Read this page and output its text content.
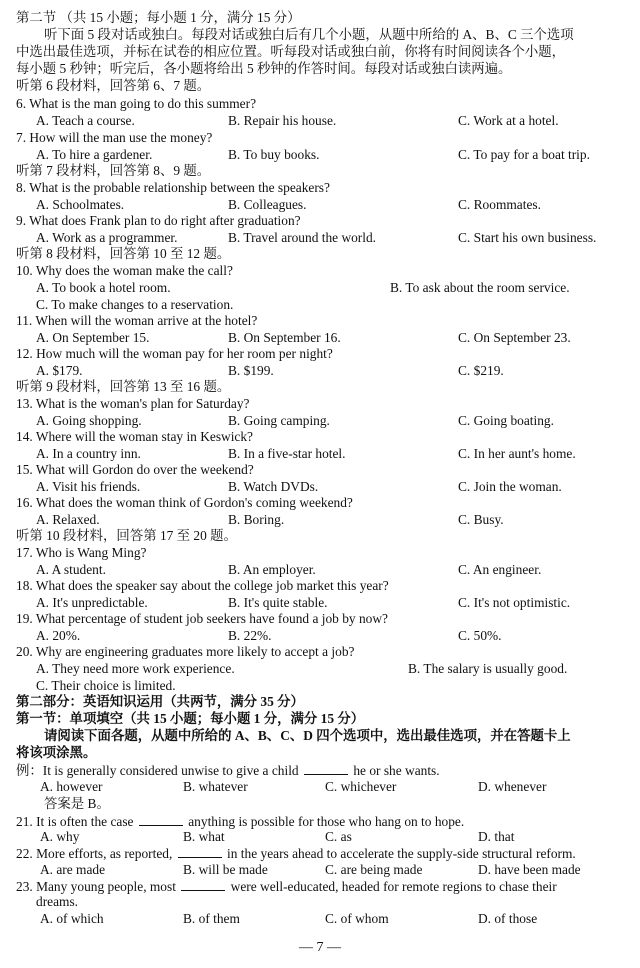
第二节 （共 15 小题；每小题 1 分，满分 15 分）
听下面 5 段对话或独白。每段对话或独白后有几个小题，从题中所给的 A、B、C 三个选项
中选出最佳选项，并标在试卷的相应位置。听每段对话或独白前，你将有时间阅读各个小题，
每小题 5 秒钟；听完后，各小题将给出 5 秒钟的作答时间。每段对话或独白读两遍。
听第 6 段材料，回答第 6、7 题。
6. What is the man going to do this summer?
A. Teach a course.	B. Repair his house.	C. Work at a hotel.
7. How will the man use the money?
A. To hire a gardener.	B. To buy books.	C. To pay for a boat trip.
听第 7 段材料，回答第 8、9 题。
8. What is the probable relationship between the speakers?
A. Schoolmates.	B. Colleagues.	C. Roommates.
9. What does Frank plan to do right after graduation?
A. Work as a programmer.	B. Travel around the world.	C. Start his own business.
听第 8 段材料，回答第 10 至 12 题。
10. Why does the woman make the call?
A. To book a hotel room.	B. To ask about the room service.
C. To make changes to a reservation.
11. When will the woman arrive at the hotel?
A. On September 15.	B. On September 16.	C. On September 23.
12. How much will the woman pay for her room per night?
A. $179.	B. $199.	C. $219.
听第 9 段材料，回答第 13 至 16 题。
13. What is the woman's plan for Saturday?
A. Going shopping.	B. Going camping.	C. Going boating.
14. Where will the woman stay in Keswick?
A. In a country inn.	B. In a five-star hotel.	C. In her aunt's home.
15. What will Gordon do over the weekend?
A. Visit his friends.	B. Watch DVDs.	C. Join the woman.
16. What does the woman think of Gordon's coming weekend?
A. Relaxed.	B. Boring.	C. Busy.
听第 10 段材料，回答第 17 至 20 题。
17. Who is Wang Ming?
A. A student.	B. An employer.	C. An engineer.
18. What does the speaker say about the college job market this year?
A. It's unpredictable.	B. It's quite stable.	C. It's not optimistic.
19. What percentage of student job seekers have found a job by now?
A. 20%.	B. 22%.	C. 50%.
20. Why are engineering graduates more likely to accept a job?
A. They need more work experience.	B. The salary is usually good.
C. Their choice is limited.
第二部分：英语知识运用（共两节，满分 35 分）
第一节：单项填空（共 15 小题；每小题 1 分，满分 15 分）
请阅读下面各题，从题中所给的 A、B、C、D 四个选项中，选出最佳选项，并在答题卡上
将该项涂黑。
例：It is generally considered unwise to give a child	he or she wants.
A. however	B. whatever	C. whichever	D. whenever
答案是 B。
21. It is often the case	anything is possible for those who hang on to hope.
A. why	B. what	C. as	D. that
22. More efforts, as reported,	in the years ahead to accelerate the supply-side structural reform.
A. are made	B. will be made	C. are being made	D. have been made
23. Many young people, most	were well-educated, headed for remote regions to chase their
dreams.
A. of which	B. of them	C. of whom	D. of those
— 7 —
